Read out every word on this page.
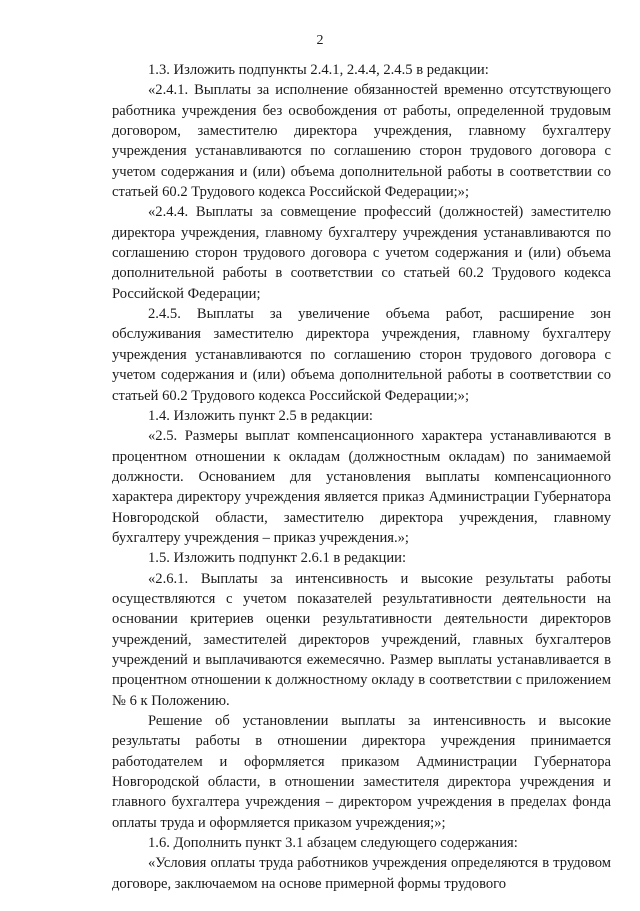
2

1.3. Изложить подпункты 2.4.1, 2.4.4, 2.4.5 в редакции:

«2.4.1. Выплаты за исполнение обязанностей временно отсутствующего работника учреждения без освобождения от работы, определенной трудовым договором, заместителю директора учреждения, главному бухгалтеру учреждения устанавливаются по соглашению сторон трудового договора с учетом содержания и (или) объема дополнительной работы в соответствии со статьей 60.2 Трудового кодекса Российской Федерации;»;

«2.4.4. Выплаты за совмещение профессий (должностей) заместителю директора учреждения, главному бухгалтеру учреждения устанавливаются по соглашению сторон трудового договора с учетом содержания и (или) объема дополнительной работы в соответствии со статьей 60.2 Трудового кодекса Российской Федерации;

2.4.5. Выплаты за увеличение объема работ, расширение зон обслуживания заместителю директора учреждения, главному бухгалтеру учреждения устанавливаются по соглашению сторон трудового договора с учетом содержания и (или) объема дополнительной работы в соответствии со статьей 60.2 Трудового кодекса Российской Федерации;»;

1.4. Изложить пункт 2.5 в редакции:

«2.5. Размеры выплат компенсационного характера устанавливаются в процентном отношении к окладам (должностным окладам) по занимаемой должности. Основанием для установления выплаты компенсационного характера директору учреждения является приказ Администрации Губернатора Новгородской области, заместителю директора учреждения, главному бухгалтеру учреждения – приказ учреждения.»;

1.5. Изложить подпункт 2.6.1 в редакции:

«2.6.1. Выплаты за интенсивность и высокие результаты работы осуществляются с учетом показателей результативности деятельности на основании критериев оценки результативности деятельности директоров учреждений, заместителей директоров учреждений, главных бухгалтеров учреждений и выплачиваются ежемесячно. Размер выплаты устанавливается в процентном отношении к должностному окладу в соответствии с приложением № 6 к Положению.

Решение об установлении выплаты за интенсивность и высокие результаты работы в отношении директора учреждения принимается работодателем и оформляется приказом Администрации Губернатора Новгородской области, в отношении заместителя директора учреждения и главного бухгалтера учреждения – директором учреждения в пределах фонда оплаты труда и оформляется приказом учреждения;»;

1.6. Дополнить пункт 3.1 абзацем следующего содержания:

«Условия оплаты труда работников учреждения определяются в трудовом договоре, заключаемом на основе примерной формы трудового
